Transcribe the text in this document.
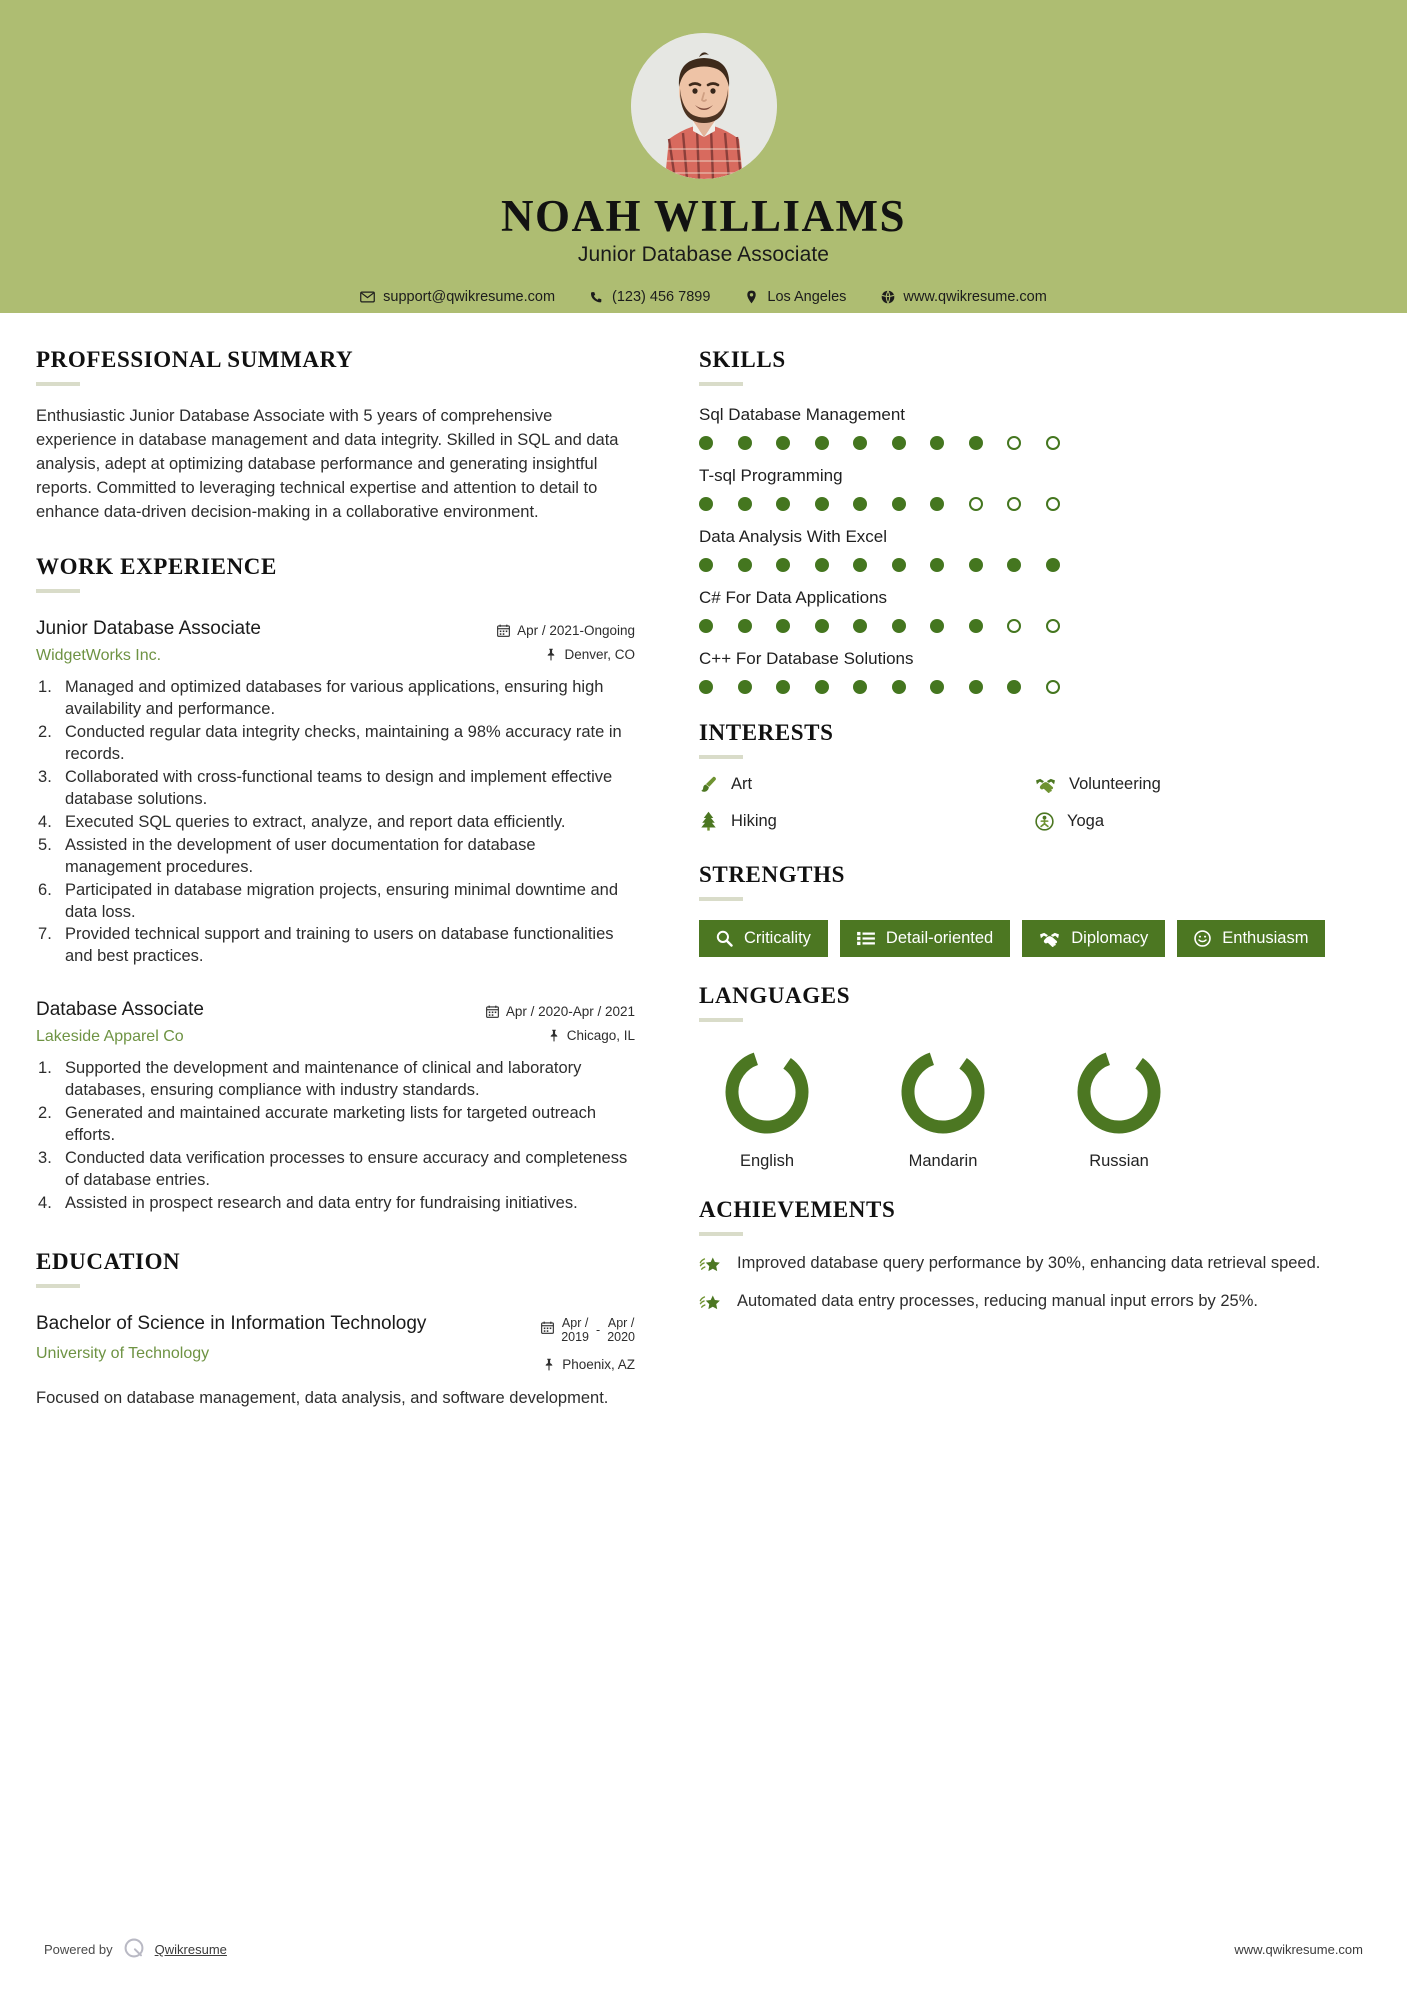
NOAH WILLIAMS
Junior Database Associate
support@qwikresume.com	(123) 456 7899	Los Angeles	www.qwikresume.com
PROFESSIONAL SUMMARY

Enthusiastic Junior Database Associate with 5 years of comprehensive experience in database management and data integrity. Skilled in SQL and data analysis, adept at optimizing database performance and generating insightful reports. Committed to leveraging technical expertise and attention to detail to enhance data-driven decision-making in a collaborative environment.

WORK EXPERIENCE
Junior Database Associate
WidgetWorks Inc.
Apr / 2021-Ongoing
Denver, CO
Managed and optimized databases for various applications, ensuring high availability and performance.
Conducted regular data integrity checks, maintaining a 98% accuracy rate in records.
Collaborated with cross-functional teams to design and implement effective database solutions.
Executed SQL queries to extract, analyze, and report data efficiently.
Assisted in the development of user documentation for database management procedures.
Participated in database migration projects, ensuring minimal downtime and data loss.
Provided technical support and training to users on database functionalities and best practices.
Database Associate
Lakeside Apparel Co
Apr / 2020-Apr / 2021
Chicago, IL
Supported the development and maintenance of clinical and laboratory databases, ensuring compliance with industry standards.
Generated and maintained accurate marketing lists for targeted outreach efforts.
Conducted data verification processes to ensure accuracy and completeness of database entries.
Assisted in prospect research and data entry for fundraising initiatives.
EDUCATION
Bachelor of Science in Information Technology
University of Technology
Apr /
2019 -
Apr /
2020
Phoenix, AZ

Focused on database management, data analysis, and software development.

SKILLS
Sql Database Management
T-sql Programming
Data Analysis With Excel
C# For Data Applications
C++ For Database Solutions
INTERESTS
Art	Volunteering
Hiking	Yoga
STRENGTHS
Criticality	Detail-oriented	Diplomacy	Enthusiasm
LANGUAGES
English	Mandarin	Russian
ACHIEVEMENTS
Improved database query performance by 30%, enhancing data retrieval speed.
Automated data entry processes, reducing manual input errors by 25%.
Powered by	Qwikresume	www.qwikresume.com
